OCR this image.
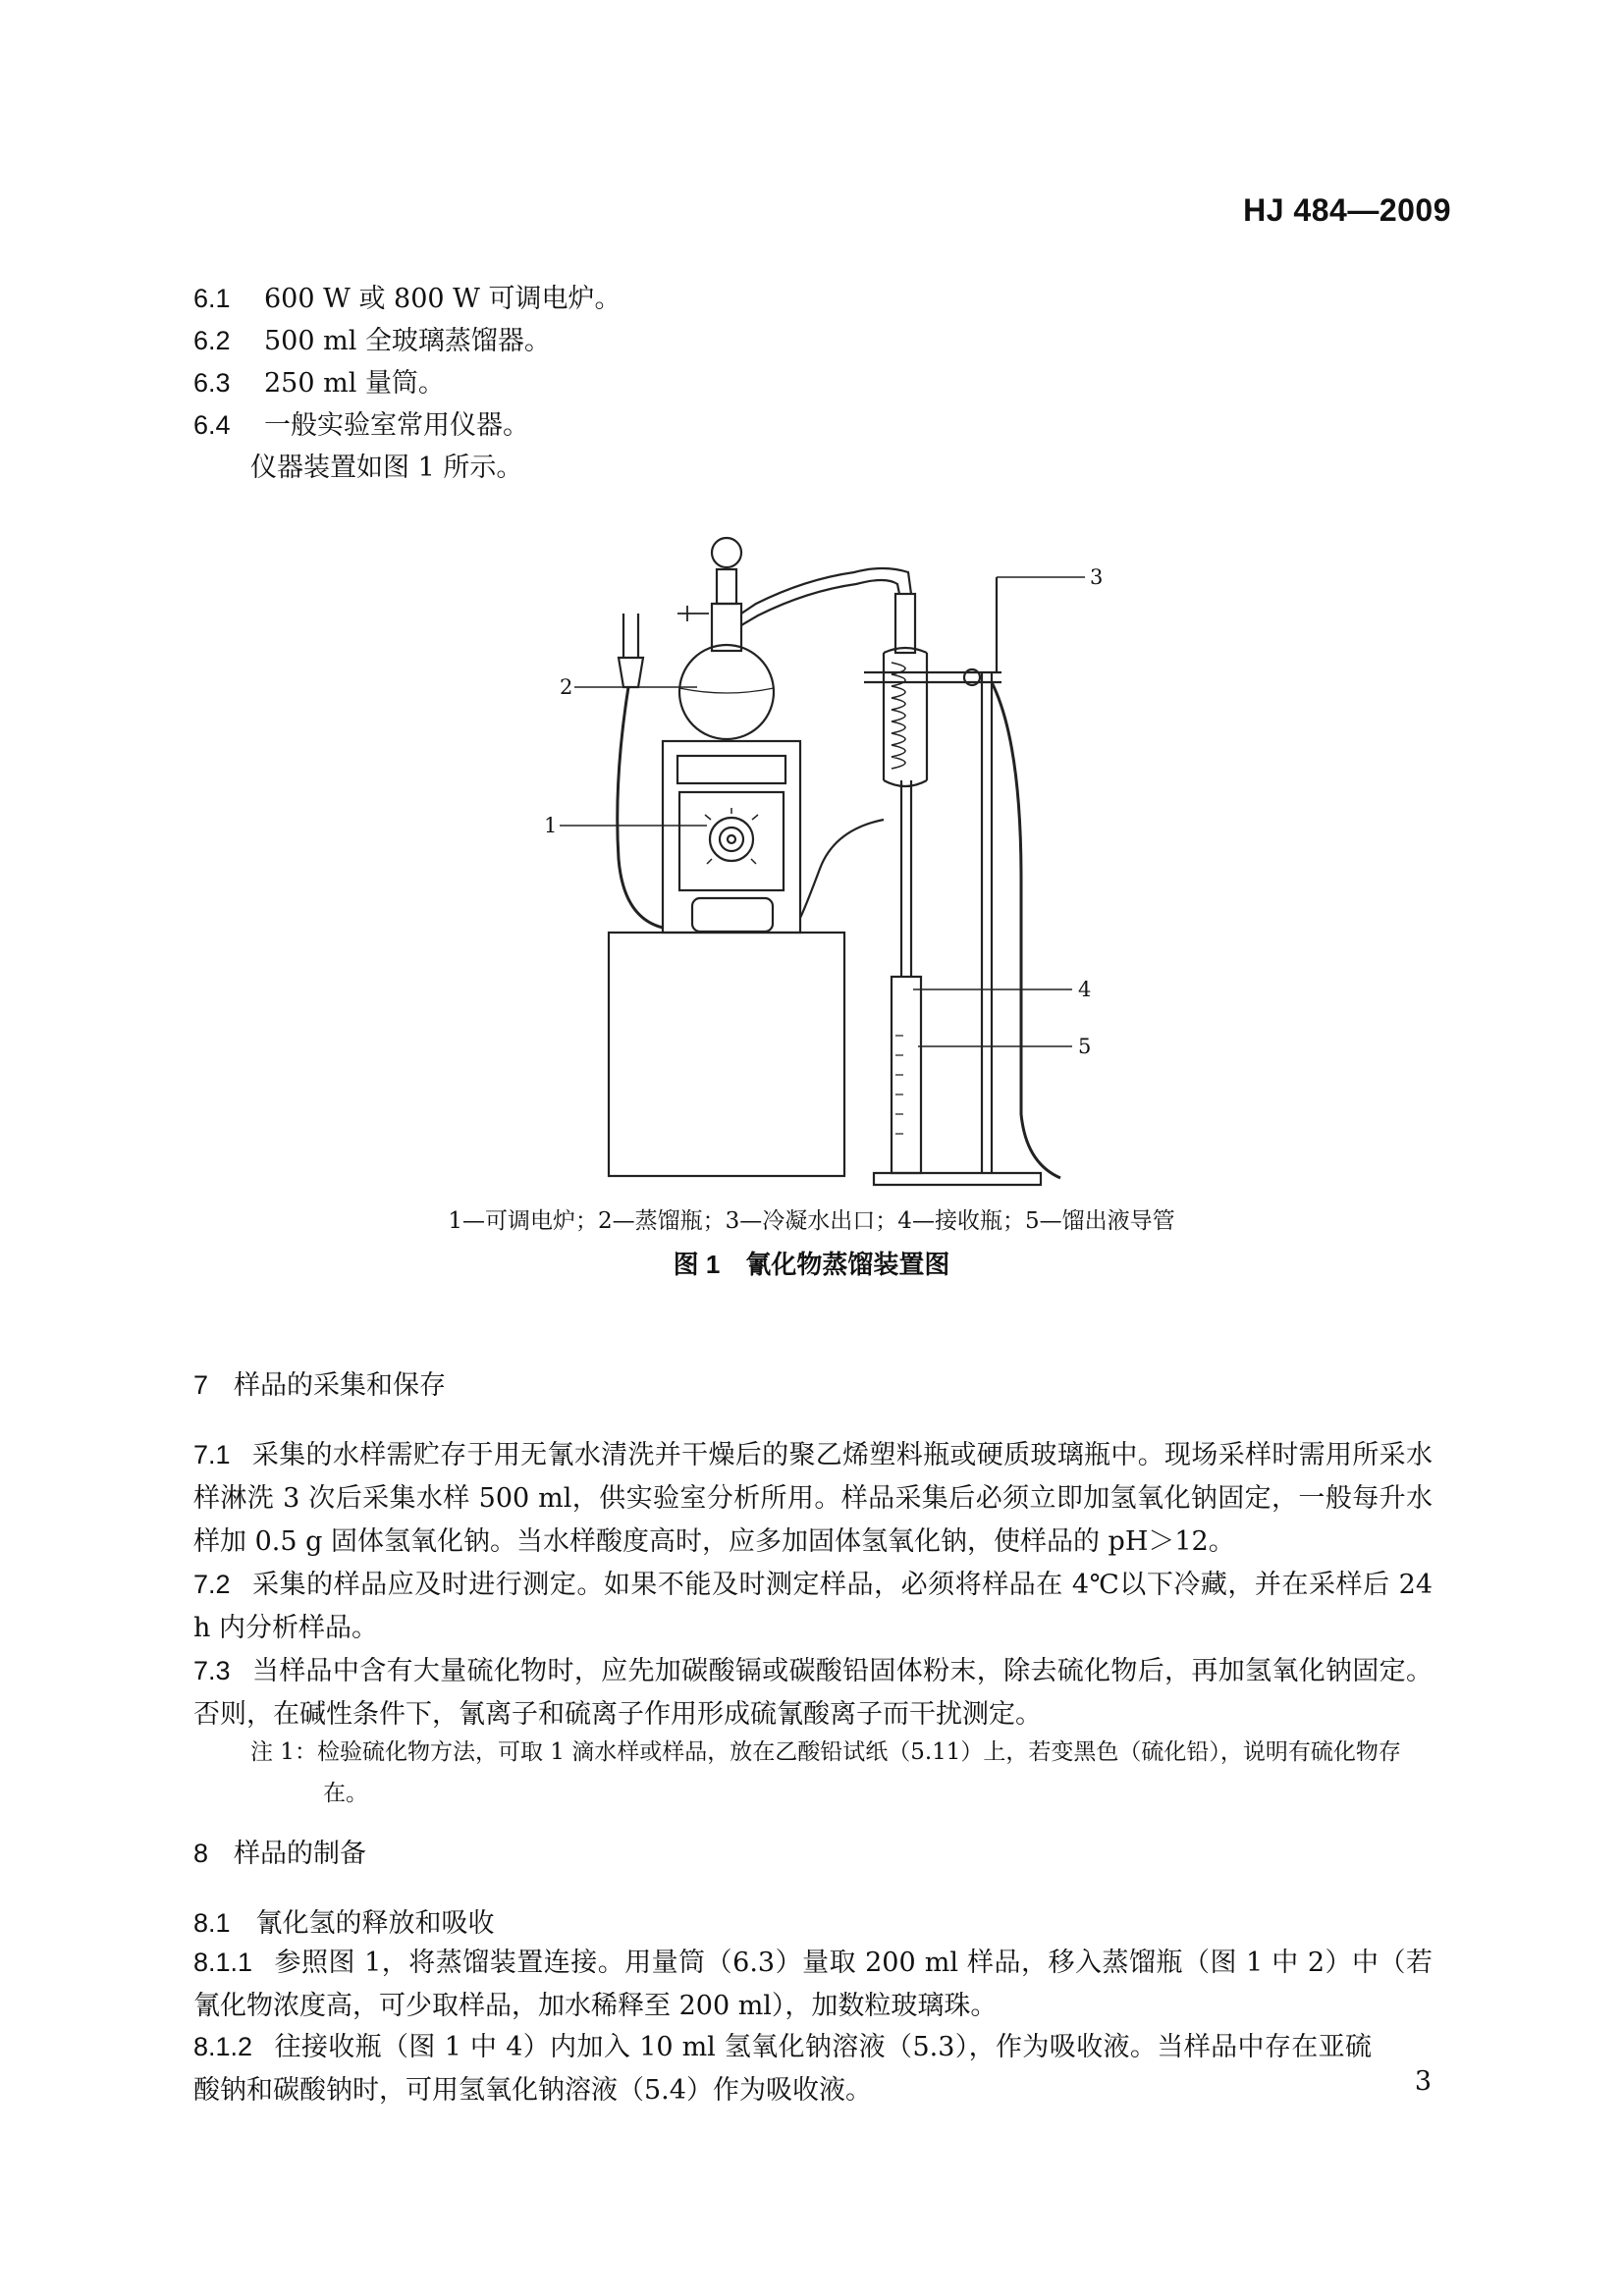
HJ 484—2009
6.1 600 W 或 800 W 可调电炉。
6.2 500 ml 全玻璃蒸馏器。
6.3 250 ml 量筒。
6.4 一般实验室常用仪器。
仪器装置如图 1 所示。
3
2
1
4
5
1—可调电炉；2—蒸馏瓶；3—冷凝水出口；4—接收瓶；5—馏出液导管
图 1 氰化物蒸馏装置图
7 样品的采集和保存
7.1 采集的水样需贮存于用无氰水清洗并干燥后的聚乙烯塑料瓶或硬质玻璃瓶中。现场采样时需用所采水样淋洗 3 次后采集水样 500 ml，供实验室分析所用。样品采集后必须立即加氢氧化钠固定，一般每升水样加 0.5 g 固体氢氧化钠。当水样酸度高时，应多加固体氢氧化钠，使样品的 pH＞12。
7.2 采集的样品应及时进行测定。如果不能及时测定样品，必须将样品在 4℃以下冷藏，并在采样后 24 h 内分析样品。
7.3 当样品中含有大量硫化物时，应先加碳酸镉或碳酸铅固体粉末，除去硫化物后，再加氢氧化钠固定。否则，在碱性条件下，氰离子和硫离子作用形成硫氰酸离子而干扰测定。
注 1：检验硫化物方法，可取 1 滴水样或样品，放在乙酸铅试纸（5.11）上，若变黑色（硫化铅），说明有硫化物存
在。
8 样品的制备
8.1 氰化氢的释放和吸收
8.1.1 参照图 1，将蒸馏装置连接。用量筒（6.3）量取 200 ml 样品，移入蒸馏瓶（图 1 中 2）中（若氰化物浓度高，可少取样品，加水稀释至 200 ml），加数粒玻璃珠。
8.1.2 往接收瓶（图 1 中 4）内加入 10 ml 氢氧化钠溶液（5.3），作为吸收液。当样品中存在亚硫酸钠和碳酸钠时，可用氢氧化钠溶液（5.4）作为吸收液。	3
